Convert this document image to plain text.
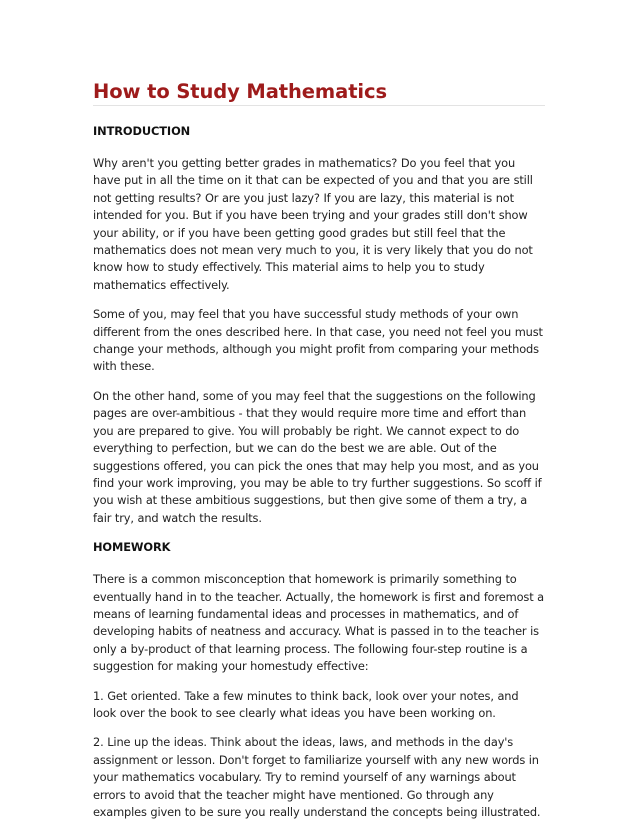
How to Study Mathematics
INTRODUCTION

Why aren't you getting better grades in mathematics? Do you feel that you have put in all the time on it that can be expected of you and that you are still not getting results? Or are you just lazy? If you are lazy, this material is not intended for you. But if you have been trying and your grades still don't show your ability, or if you have been getting good grades but still feel that the mathematics does not mean very much to you, it is very likely that you do not know how to study effectively. This material aims to help you to study mathematics effectively.

Some of you, may feel that you have successful study methods of your own different from the ones described here. In that case, you need not feel you must change your methods, although you might profit from comparing your methods with these.

On the other hand, some of you may feel that the suggestions on the following pages are over-ambitious - that they would require more time and effort than you are prepared to give. You will probably be right. We cannot expect to do everything to perfection, but we can do the best we are able. Out of the suggestions offered, you can pick the ones that may help you most, and as you find your work improving, you may be able to try further suggestions. So scoff if you wish at these ambitious suggestions, but then give some of them a try, a fair try, and watch the results.

HOMEWORK

There is a common misconception that homework is primarily something to eventually hand in to the teacher. Actually, the homework is first and foremost a means of learning fundamental ideas and processes in mathematics, and of developing habits of neatness and accuracy. What is passed in to the teacher is only a by-product of that learning process. The following four-step routine is a suggestion for making your homestudy effective:

1. Get oriented. Take a few minutes to think back, look over your notes, and look over the book to see clearly what ideas you have been working on.

2. Line up the ideas. Think about the ideas, laws, and methods in the day's assignment or lesson. Don't forget to familiarize yourself with any new words in your mathematics vocabulary. Try to remind yourself of any warnings about errors to avoid that the teacher might have mentioned. Go through any examples given to be sure you really understand the concepts being illustrated.
